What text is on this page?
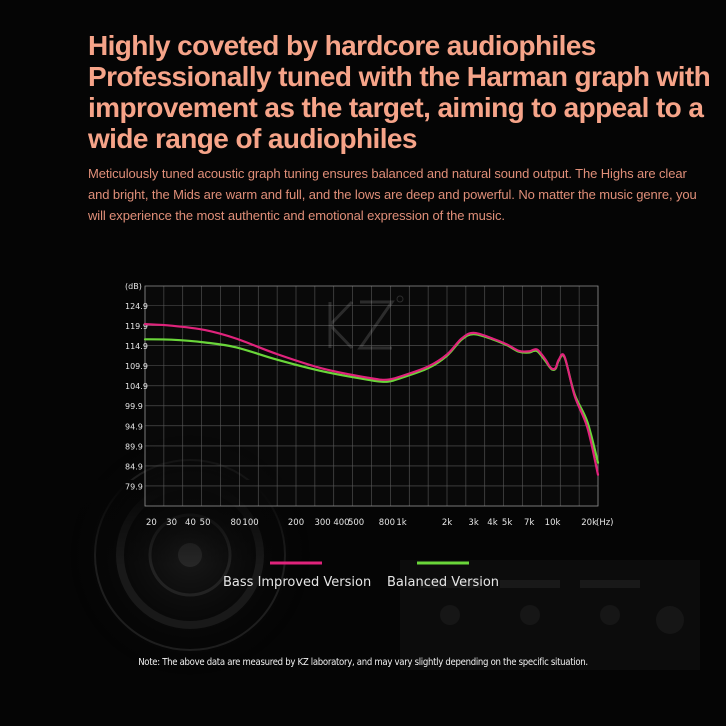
Highly coveted by hardcore audiophiles
Professionally tuned with the Harman graph with
improvement as the target, aiming to appeal to a
wide range of audiophiles

Meticulously tuned acoustic graph tuning ensures balanced and natural sound output. The Highs are clear and bright, the Mids are warm and full, and the lows are deep and powerful. No matter the music genre, you will experience the most authentic and emotional expression of the music.

(dB)
124.9
119.9
114.9
109.9
104.9
99.9
94.9
89.9
84.9
79.9
20 30 40 50 80 100	200 300 400
500 800 1k	2k 3k 4k 5k 7k 10k 20k (Hz)
Bass Improved Version Balanced Version

Note: The above data are measured by KZ laboratory, and may vary slightly depending on the specific situation.
